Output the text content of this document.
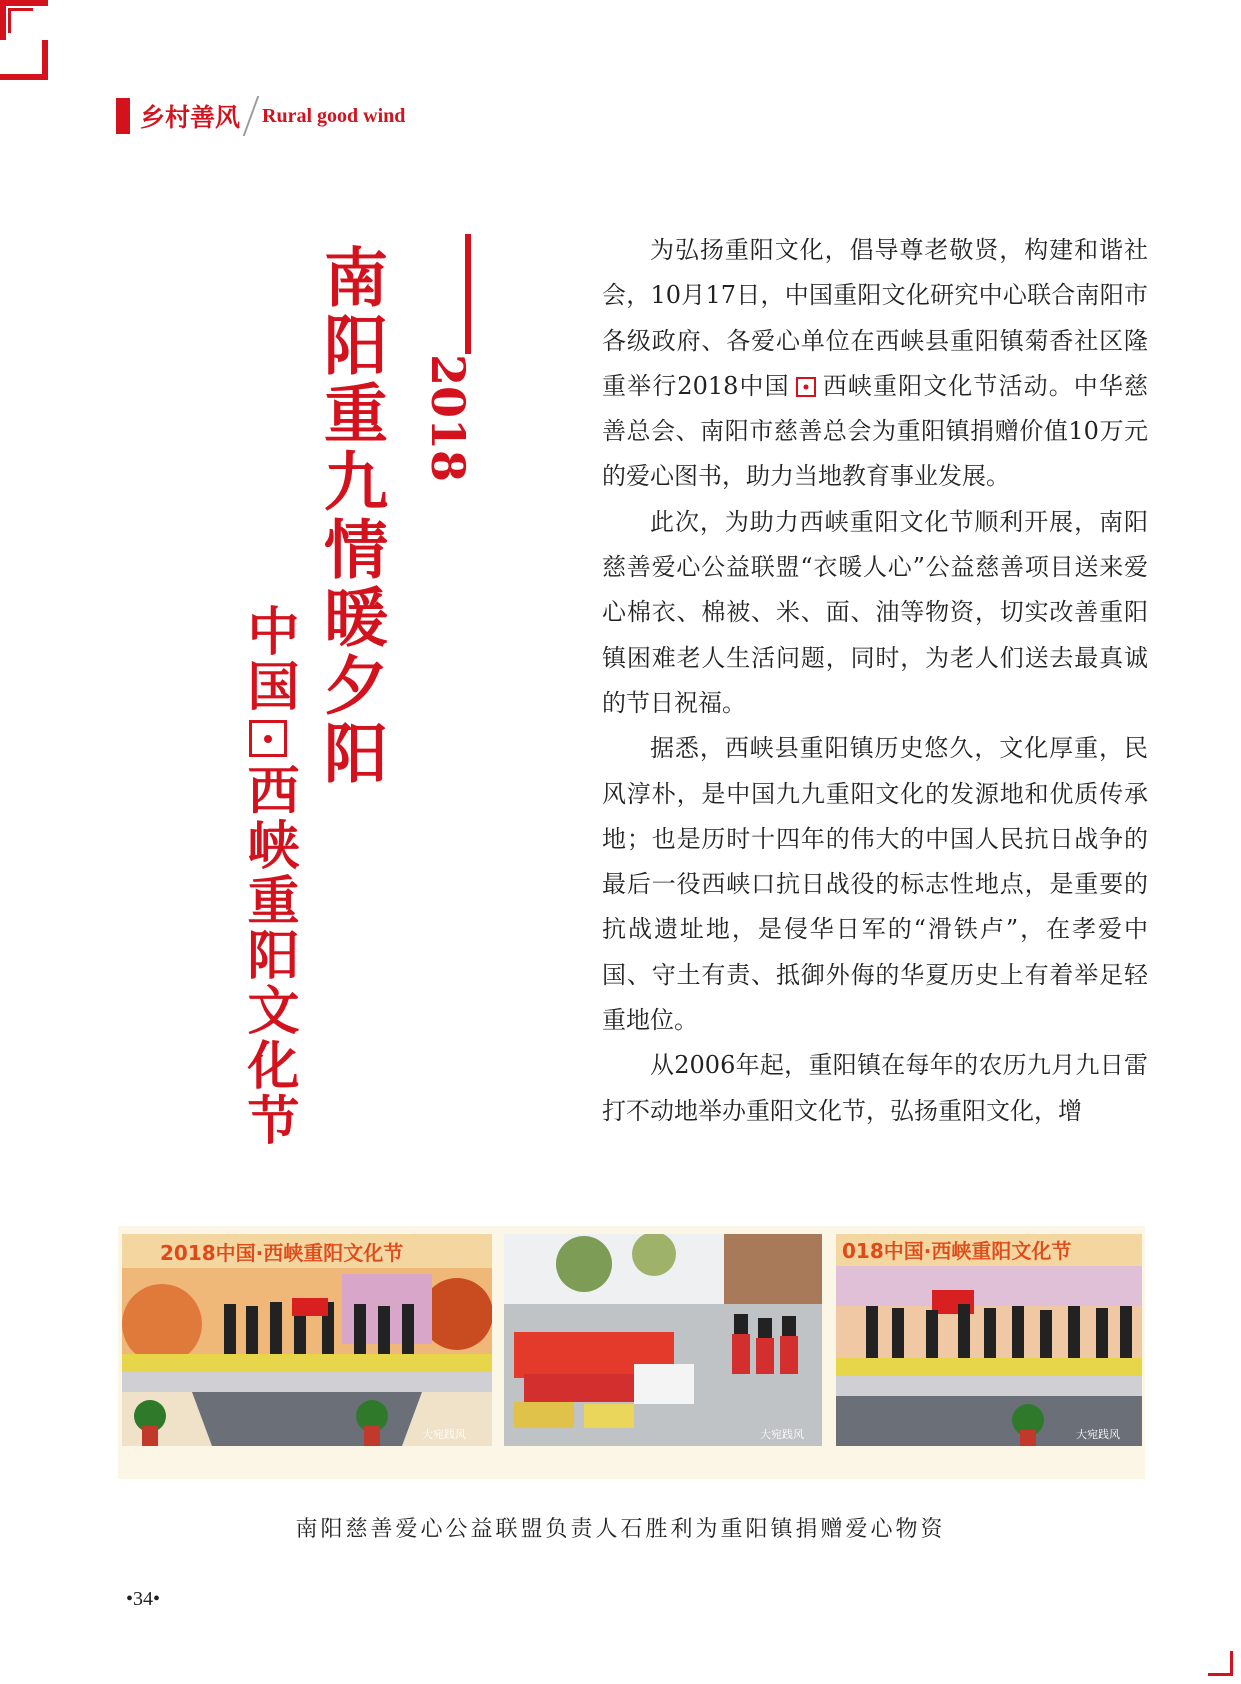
乡村善风 Rural good wind
南阳重九情暖夕阳 2018
中国西峡重阳文化节

为弘扬重阳文化，倡导尊老敬贤，构建和谐社会，10月17日，中国重阳文化研究中心联合南阳市各级政府、各爱心单位在西峡县重阳镇菊香社区隆重举行2018中国 西峡重阳文化节活动。中华慈善总会、南阳市慈善总会为重阳镇捐赠价值10万元的爱心图书，助力当地教育事业发展。

此次，为助力西峡重阳文化节顺利开展，南阳慈善爱心公益联盟“衣暖人心”公益慈善项目送来爱心棉衣、棉被、米、面、油等物资，切实改善重阳镇困难老人生活问题，同时，为老人们送去最真诚的节日祝福。

据悉，西峡县重阳镇历史悠久，文化厚重，民风淳朴，是中国九九重阳文化的发源地和优质传承地；也是历时十四年的伟大的中国人民抗日战争的最后一役西峡口抗日战役的标志性地点，是重要的抗战遗址地，是侵华日军的“滑铁卢”，在孝爱中国、守土有责、抵御外侮的华夏历史上有着举足轻重地位。

从2006年起，重阳镇在每年的农历九月九日雷打不动地举办重阳文化节，弘扬重阳文化，增

2018中国·西峡重阳文化节
大宛践风	大宛践风
018中国·西峡重阳文化节
大宛践风
南阳慈善爱心公益联盟负责人石胜利为重阳镇捐赠爱心物资
•34•
